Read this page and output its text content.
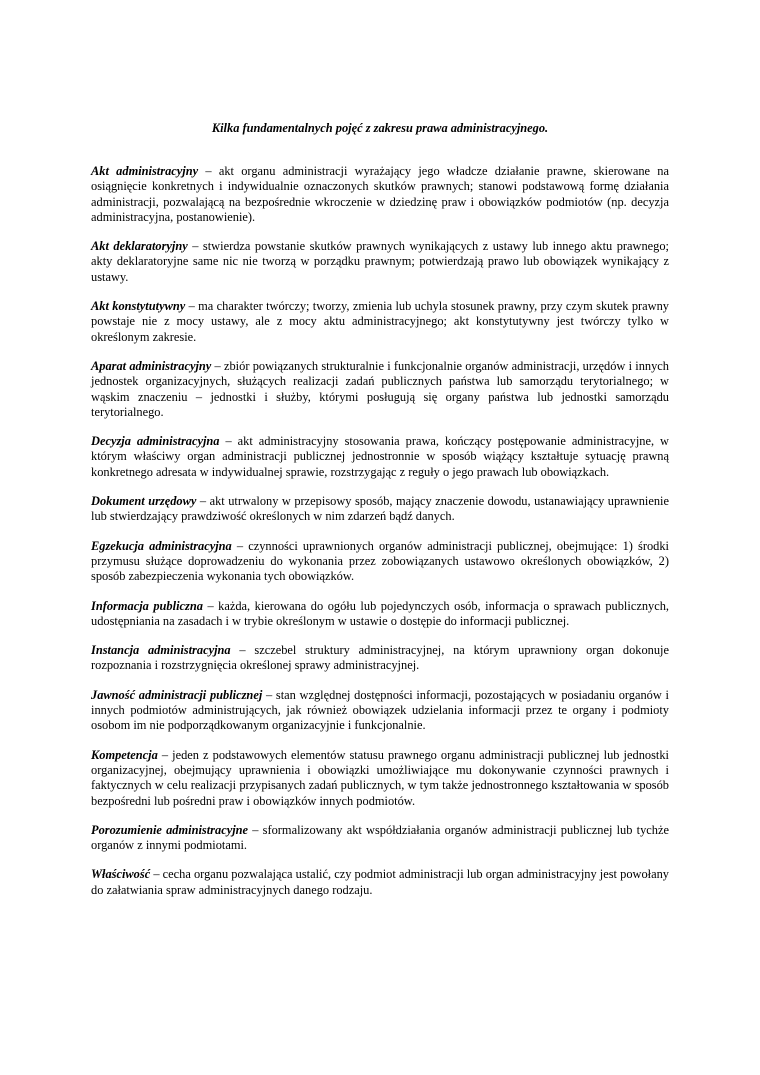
Kilka fundamentalnych pojęć z zakresu prawa administracyjnego.

Akt administracyjny – akt organu administracji wyrażający jego władcze działanie prawne, skierowane na osiągnięcie konkretnych i indywidualnie oznaczonych skutków prawnych; stanowi podstawową formę działania administracji, pozwalającą na bezpośrednie wkroczenie w dziedzinę praw i obowiązków podmiotów (np. decyzja administracyjna, postanowienie).

Akt deklaratoryjny – stwierdza powstanie skutków prawnych wynikających z ustawy lub innego aktu prawnego; akty deklaratoryjne same nic nie tworzą w porządku prawnym; potwierdzają prawo lub obowiązek wynikający z ustawy.

Akt konstytutywny – ma charakter twórczy; tworzy, zmienia lub uchyla stosunek prawny, przy czym skutek prawny powstaje nie z mocy ustawy, ale z mocy aktu administracyjnego; akt konstytutywny jest twórczy tylko w określonym zakresie.

Aparat administracyjny – zbiór powiązanych strukturalnie i funkcjonalnie organów administracji, urzędów i innych jednostek organizacyjnych, służących realizacji zadań publicznych państwa lub samorządu terytorialnego; w wąskim znaczeniu – jednostki i służby, którymi posługują się organy państwa lub jednostki samorządu terytorialnego.

Decyzja administracyjna – akt administracyjny stosowania prawa, kończący postępowanie administracyjne, w którym właściwy organ administracji publicznej jednostronnie w sposób wiążący kształtuje sytuację prawną konkretnego adresata w indywidualnej sprawie, rozstrzygając z reguły o jego prawach lub obowiązkach.

Dokument urzędowy – akt utrwalony w przepisowy sposób, mający znaczenie dowodu, ustanawiający uprawnienie lub stwierdzający prawdziwość określonych w nim zdarzeń bądź danych.

Egzekucja administracyjna – czynności uprawnionych organów administracji publicznej, obejmujące: 1) środki przymusu służące doprowadzeniu do wykonania przez zobowiązanych ustawowo określonych obowiązków, 2) sposób zabezpieczenia wykonania tych obowiązków.

Informacja publiczna – każda, kierowana do ogółu lub pojedynczych osób, informacja o sprawach publicznych, udostępniania na zasadach i w trybie określonym w ustawie o dostępie do informacji publicznej.

Instancja administracyjna – szczebel struktury administracyjnej, na którym uprawniony organ dokonuje rozpoznania i rozstrzygnięcia określonej sprawy administracyjnej.

Jawność administracji publicznej – stan względnej dostępności informacji, pozostających w posiadaniu organów i innych podmiotów administrujących, jak również obowiązek udzielania informacji przez te organy i podmioty osobom im nie podporządkowanym organizacyjnie i funkcjonalnie.

Kompetencja – jeden z podstawowych elementów statusu prawnego organu administracji publicznej lub jednostki organizacyjnej, obejmujący uprawnienia i obowiązki umożliwiające mu dokonywanie czynności prawnych i faktycznych w celu realizacji przypisanych zadań publicznych, w tym także jednostronnego kształtowania w sposób bezpośredni lub pośredni praw i obowiązków innych podmiotów.

Porozumienie administracyjne – sformalizowany akt współdziałania organów administracji publicznej lub tychże organów z innymi podmiotami.

Właściwość – cecha organu pozwalająca ustalić, czy podmiot administracji lub organ administracyjny jest powołany do załatwiania spraw administracyjnych danego rodzaju.
